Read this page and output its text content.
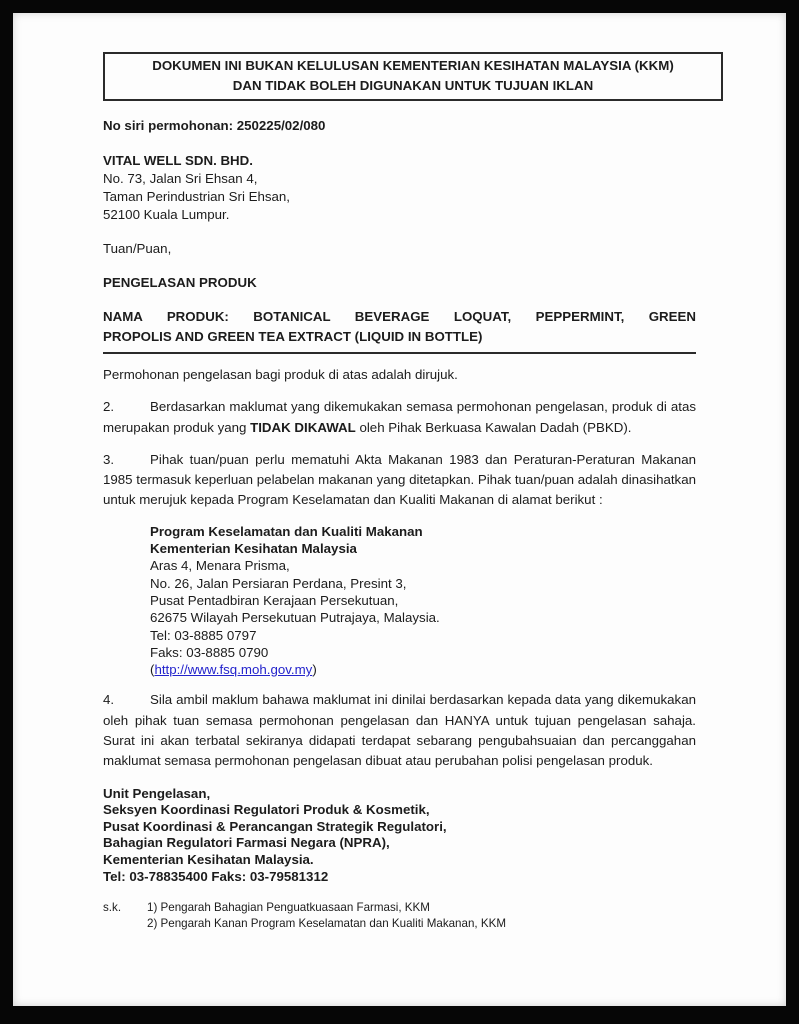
DOKUMEN INI BUKAN KELULUSAN KEMENTERIAN KESIHATAN MALAYSIA (KKM)
DAN TIDAK BOLEH DIGUNAKAN UNTUK TUJUAN IKLAN
No siri permohonan: 250225/02/080
VITAL WELL SDN. BHD.
No. 73, Jalan Sri Ehsan 4,
Taman Perindustrian Sri Ehsan,
52100 Kuala Lumpur.
Tuan/Puan,
PENGELASAN PRODUK
NAMA PRODUK: BOTANICAL BEVERAGE LOQUAT, PEPPERMINT, GREEN
PROPOLIS AND GREEN TEA EXTRACT (LIQUID IN BOTTLE)

Permohonan pengelasan bagi produk di atas adalah dirujuk.

2.	Berdasarkan maklumat yang dikemukakan semasa permohonan pengelasan, produk di atas merupakan produk yang TIDAK DIKAWAL oleh Pihak Berkuasa Kawalan Dadah (PBKD).

3.	Pihak tuan/puan perlu mematuhi Akta Makanan 1983 dan Peraturan-Peraturan Makanan 1985 termasuk keperluan pelabelan makanan yang ditetapkan. Pihak tuan/puan adalah dinasihatkan untuk merujuk kepada Program Keselamatan dan Kualiti Makanan di alamat berikut :

Program Keselamatan dan Kualiti Makanan
Kementerian Kesihatan Malaysia
Aras 4, Menara Prisma,
No. 26, Jalan Persiaran Perdana, Presint 3,
Pusat Pentadbiran Kerajaan Persekutuan,
62675 Wilayah Persekutuan Putrajaya, Malaysia.
Tel: 03-8885 0797
Faks: 03-8885 0790
(http://www.fsq.moh.gov.my)

4.	Sila ambil maklum bahawa maklumat ini dinilai berdasarkan kepada data yang dikemukakan oleh pihak tuan semasa permohonan pengelasan dan HANYA untuk tujuan pengelasan sahaja. Surat ini akan terbatal sekiranya didapati terdapat sebarang pengubahsuaian dan percanggahan maklumat semasa permohonan pengelasan dibuat atau perubahan polisi pengelasan produk.

Unit Pengelasan,
Seksyen Koordinasi Regulatori Produk & Kosmetik,
Pusat Koordinasi & Perancangan Strategik Regulatori,
Bahagian Regulatori Farmasi Negara (NPRA),
Kementerian Kesihatan Malaysia.
Tel: 03-78835400 Faks: 03-79581312
s.k.	1) Pengarah Bahagian Penguatkuasaan Farmasi, KKM
2) Pengarah Kanan Program Keselamatan dan Kualiti Makanan, KKM
